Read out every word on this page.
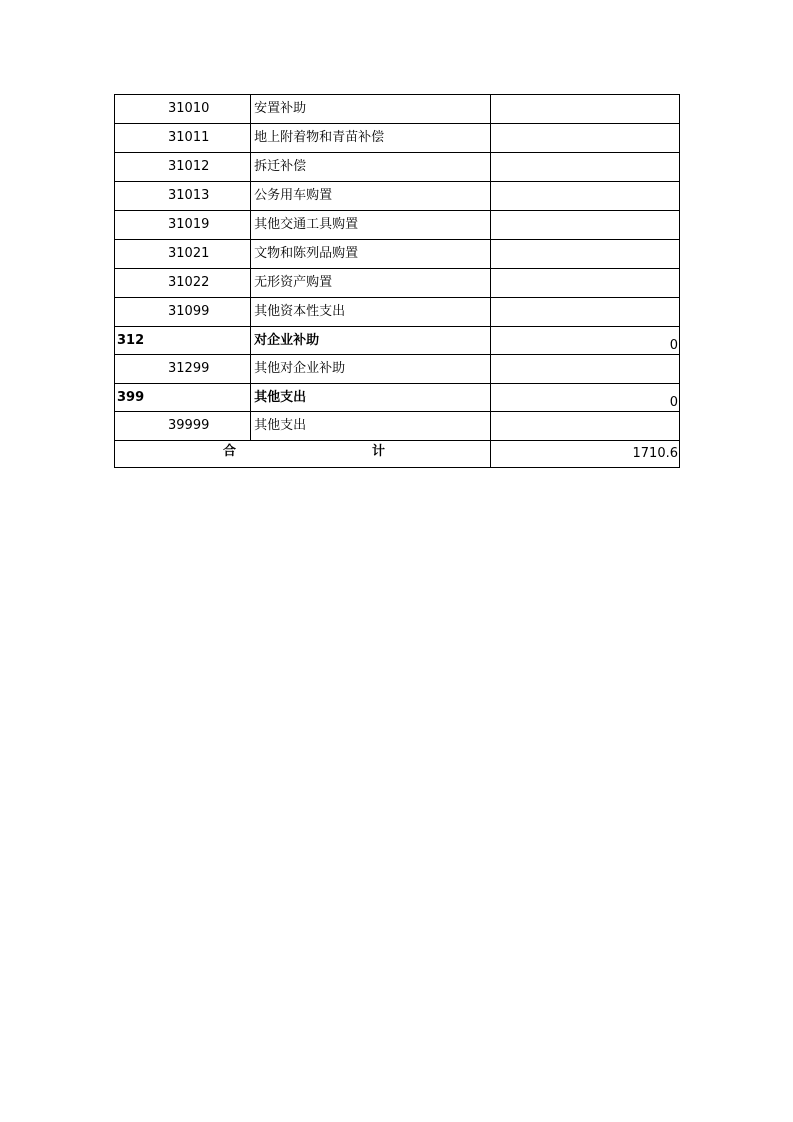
31010	安置补助	
31011	地上附着物和青苗补偿	
31012	拆迁补偿	
31013	公务用车购置	
31019	其他交通工具购置	
31021	文物和陈列品购置	
31022	无形资产购置	
31099	其他资本性支出	
312	对企业补助	0
31299	其他对企业补助	
399	其他支出	0
39999	其他支出	

合 计		1710.6
